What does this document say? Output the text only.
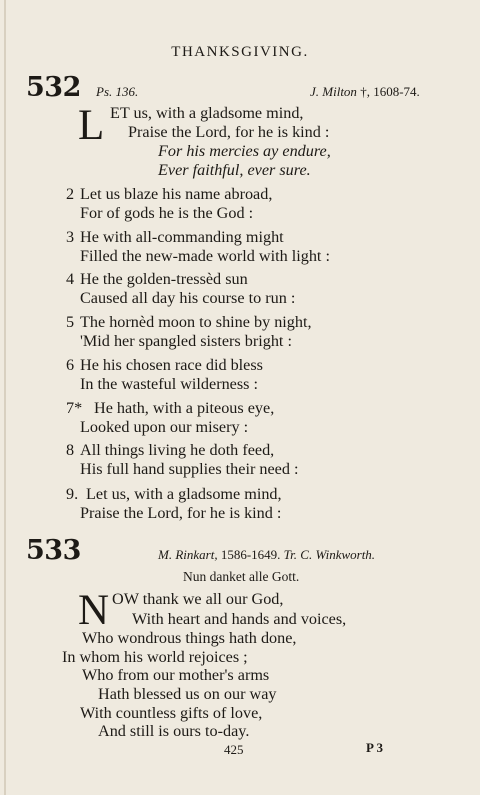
THANKSGIVING.
532 Ps. 136.	J. Milton †, 1608-74.
L ET us, with a gladsome mind,
Praise the Lord, for he is kind :
For his mercies ay endure,
Ever faithful, ever sure.
2 Let us blaze his name abroad,
For of gods he is the God :
3 He with all-commanding might
Filled the new-made world with light :
4 He the golden-tressèd sun
Caused all day his course to run :
5 The hornèd moon to shine by night,
'Mid her spangled sisters bright :
6 He his chosen race did bless
In the wasteful wilderness :
7* He hath, with a piteous eye,
Looked upon our misery :
8 All things living he doth feed,
His full hand supplies their need :
9. Let us, with a gladsome mind,
Praise the Lord, for he is kind :
533	M. Rinkart, 1586-1649. Tr. C. Winkworth.
Nun danket alle Gott.
N OW thank we all our God,
With heart and hands and voices,
Who wondrous things hath done,
In whom his world rejoices ;
Who from our mother's arms
Hath blessed us on our way
With countless gifts of love,
And still is ours to-day.
425	P 3
